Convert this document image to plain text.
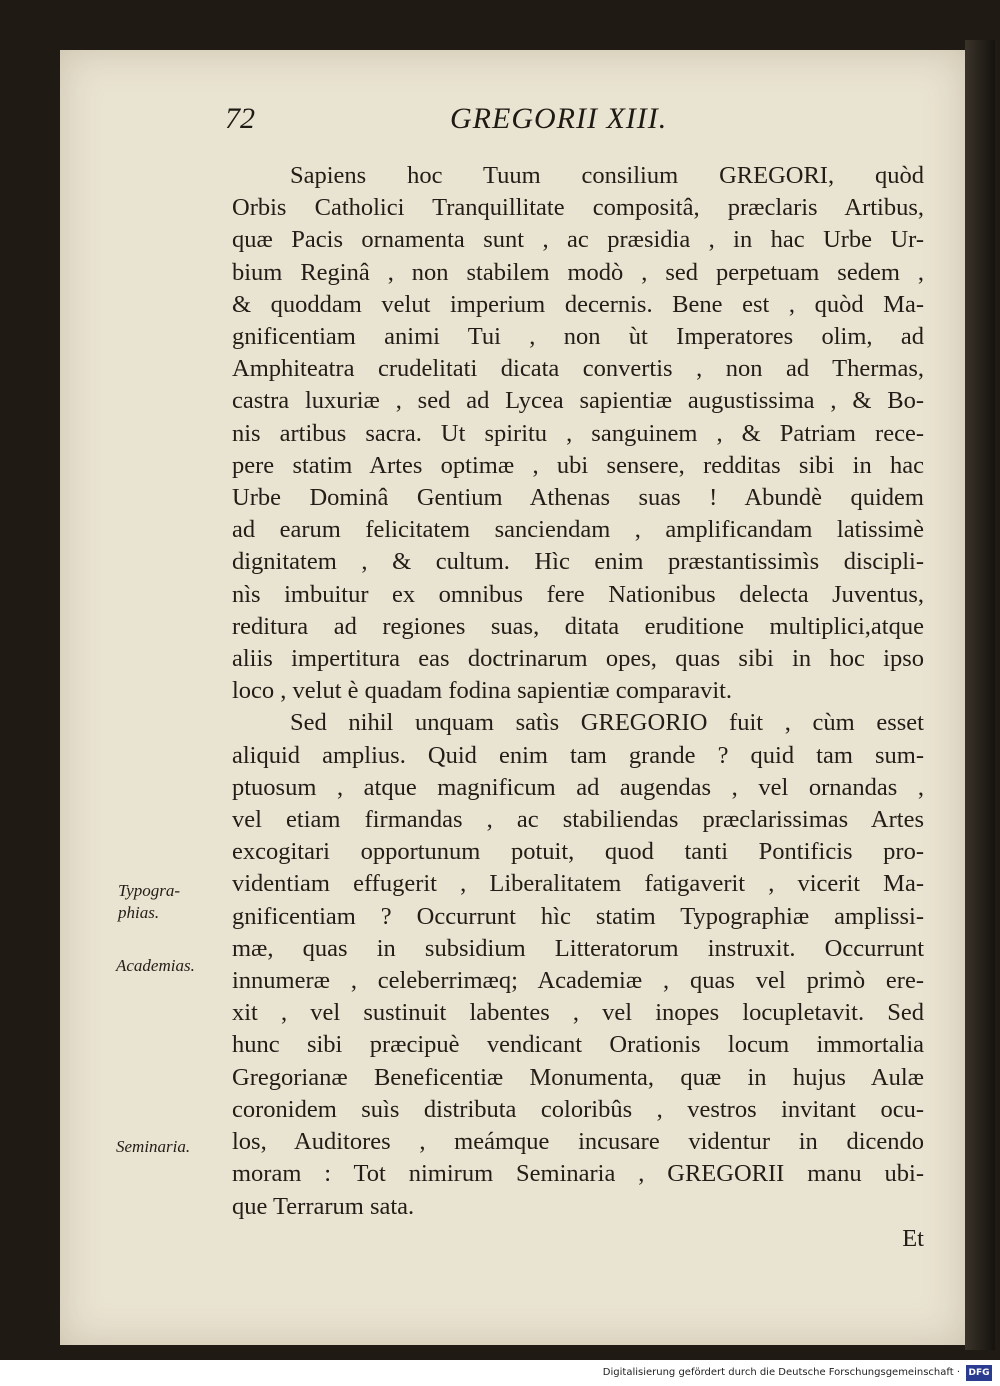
72	GREGORII XIII.
Sapiens hoc Tuum consilium GREGORI, quòd
Orbis Catholici Tranquillitate compositâ, præclaris Artibus,
quæ Pacis ornamenta sunt , ac præsidia , in hac Urbe Ur-
bium Reginâ , non stabilem modò , sed perpetuam sedem ,
& quoddam velut imperium decernis. Bene est , quòd Ma-
gnificentiam animi Tui , non ùt Imperatores olim, ad
Amphiteatra crudelitati dicata convertis , non ad Thermas,
castra luxuriæ , sed ad Lycea sapientiæ augustissima , & Bo-
nis artibus sacra. Ut spiritu , sanguinem , & Patriam rece-
pere statim Artes optimæ , ubi sensere, redditas sibi in hac
Urbe Dominâ Gentium Athenas suas ! Abundè quidem
ad earum felicitatem sanciendam , amplificandam latissimè
dignitatem , & cultum. Hìc enim præstantissimìs discipli-
nìs imbuitur ex omnibus fere Nationibus delecta Juventus,
reditura ad regiones suas, ditata eruditione multiplici,atque
aliis impertitura eas doctrinarum opes, quas sibi in hoc ipso
loco , velut è quadam fodina sapientiæ comparavit.
Sed nihil unquam satìs GREGORIO fuit , cùm esset
aliquid amplius. Quid enim tam grande ? quid tam sum-
ptuosum , atque magnificum ad augendas , vel ornandas ,
vel etiam firmandas , ac stabiliendas præclarissimas Artes
excogitari opportunum potuit, quod tanti Pontificis pro-
videntiam effugerit , Liberalitatem fatigaverit , vicerit Ma-
gnificentiam ? Occurrunt hìc statim Typographiæ amplissi-
mæ, quas in subsidium Litteratorum instruxit. Occurrunt
innumeræ , celeberrimæq; Academiæ , quas vel primò ere-
xit , vel sustinuit labentes , vel inopes locupletavit. Sed
hunc sibi præcipuè vendicant Orationis locum immortalia
Gregorianæ Beneficentiæ Monumenta, quæ in hujus Aulæ
coronidem suìs distributa coloribûs , vestros invitant ocu-
los, Auditores , meámque incusare videntur in dicendo
moram : Tot nimirum Seminaria , GREGORII manu ubi-
que Terrarum sata.
Et
Typogra-
phias.
Academias.
Seminaria.
Digitalisierung gefördert durch die Deutsche Forschungsgemeinschaft · DFG
